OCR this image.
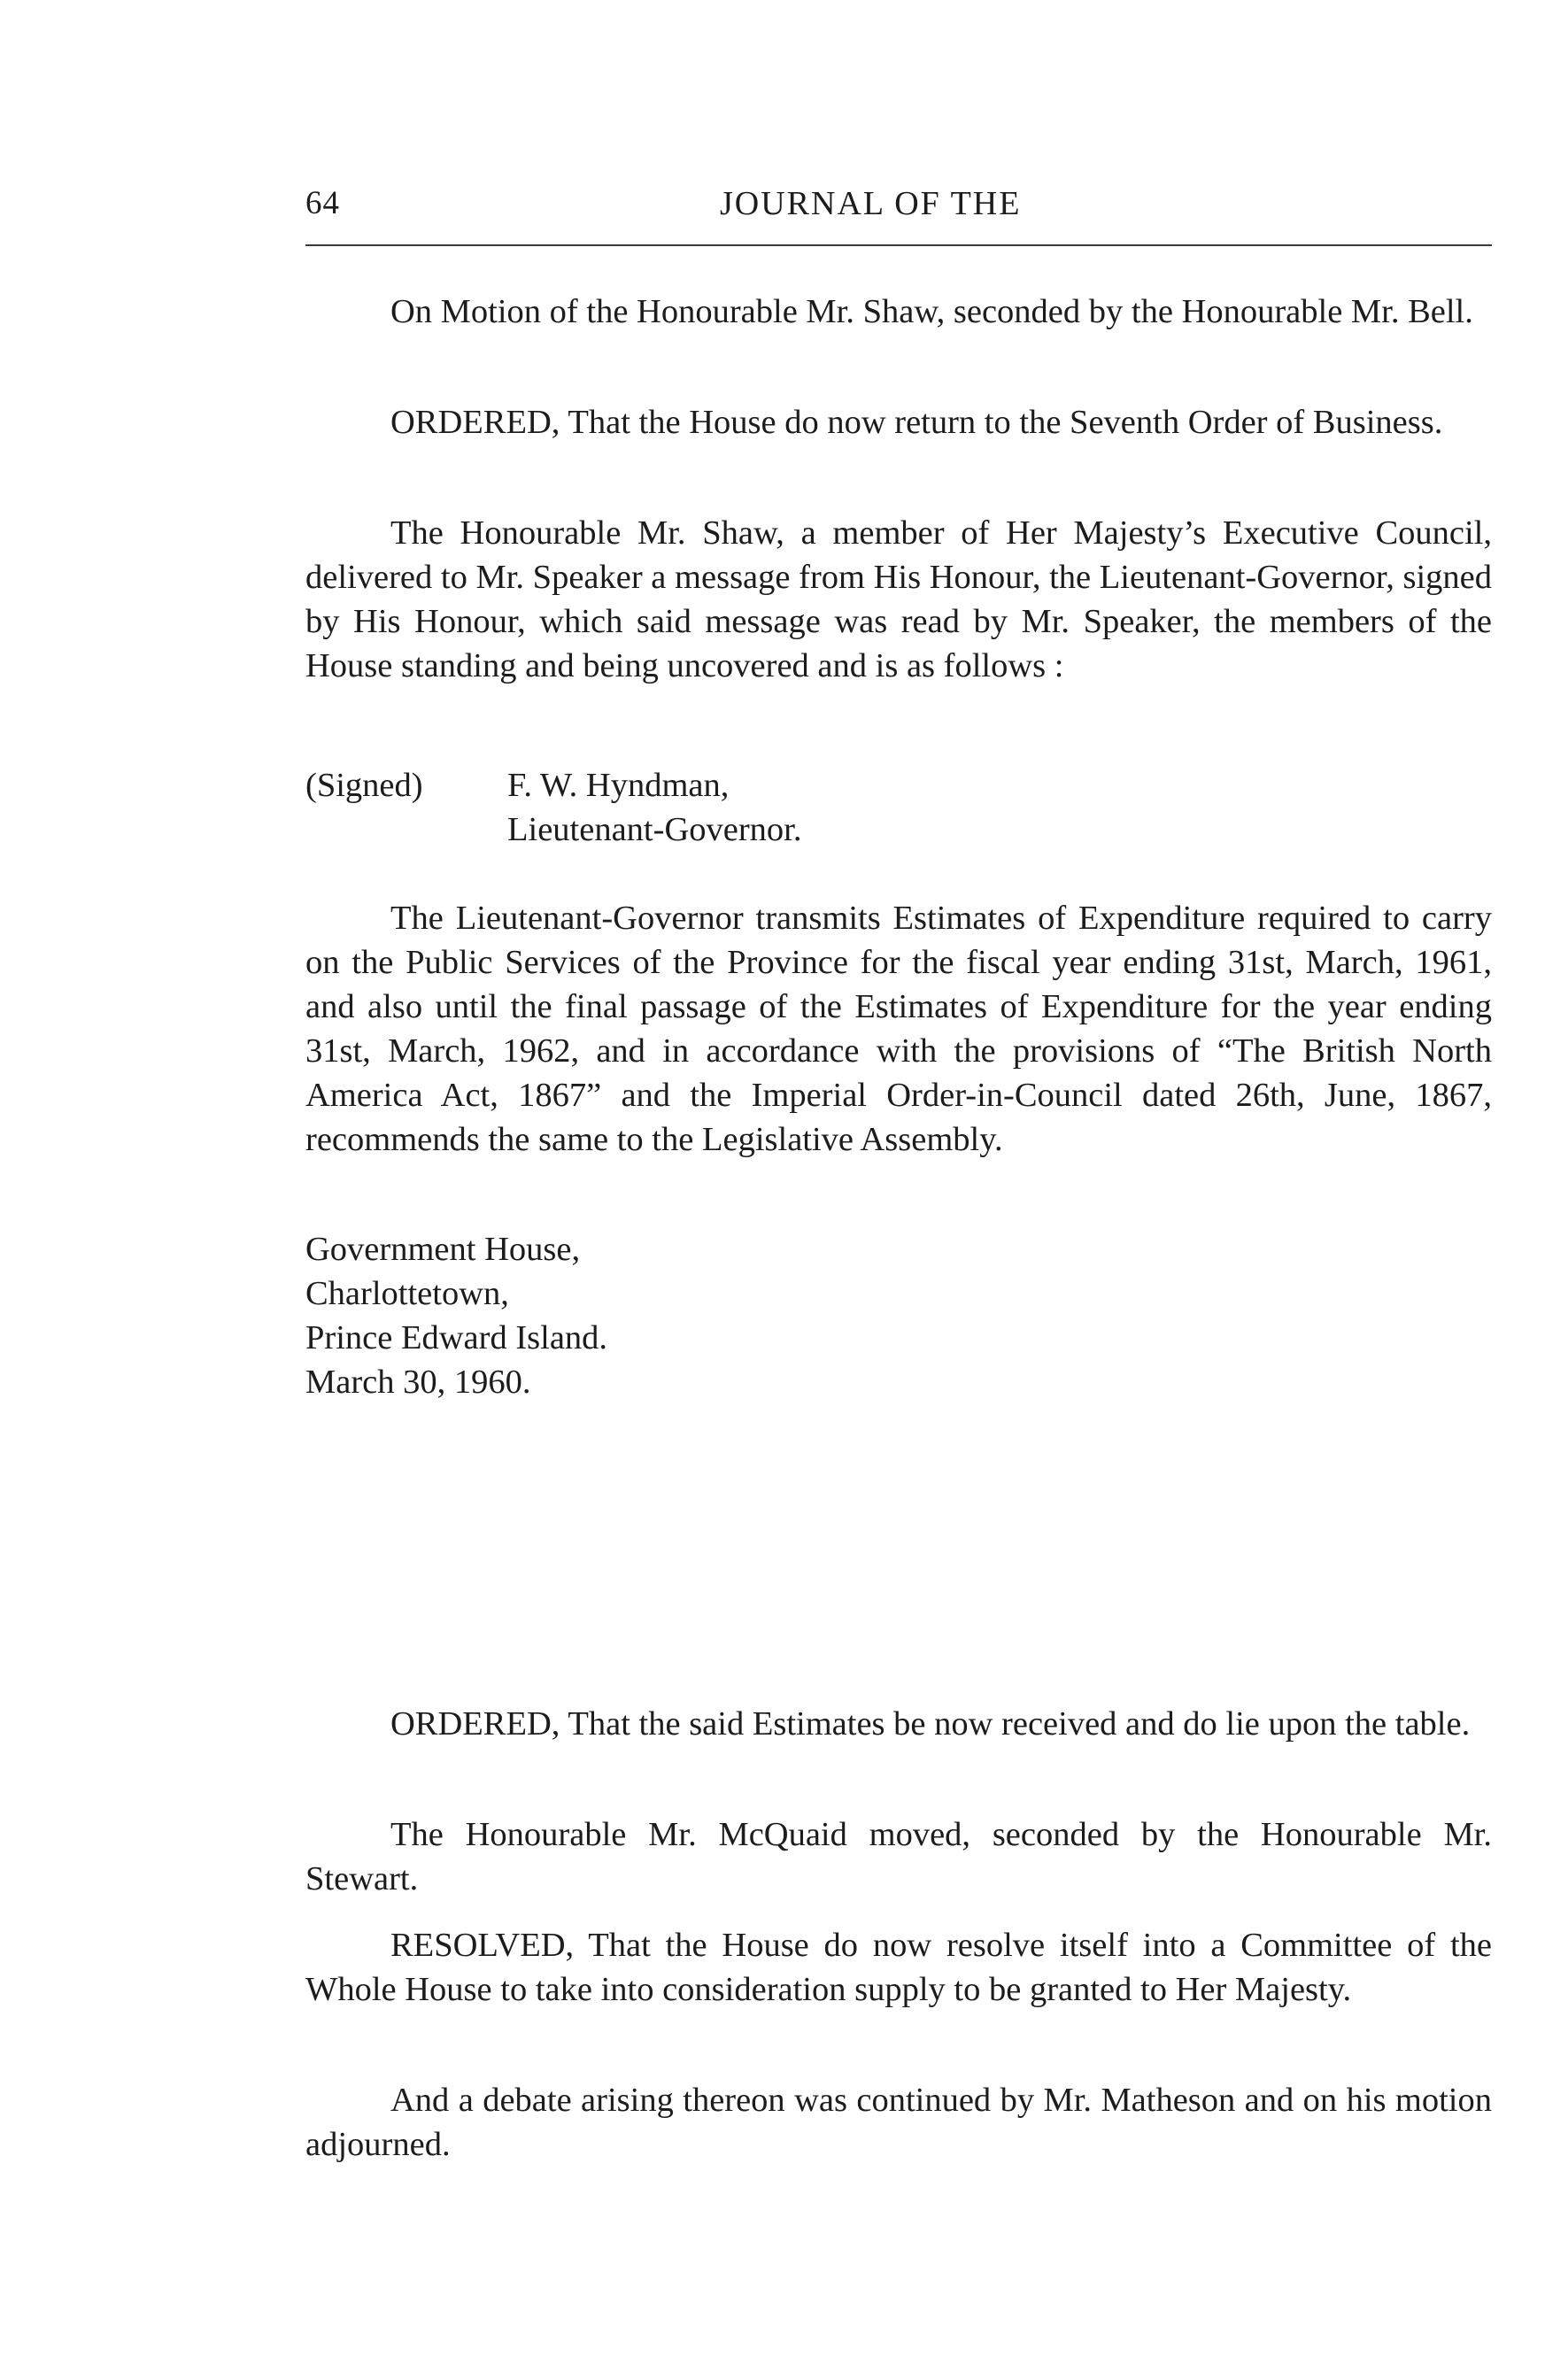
64	JOURNAL OF THE

On Motion of the Honourable Mr. Shaw, seconded by the Honourable Mr. Bell.

ORDERED, That the House do now return to the Seventh Order of Business.

The Honourable Mr. Shaw, a member of Her Majesty’s Executive Council, delivered to Mr. Speaker a message from His Honour, the Lieutenant-Governor, signed by His Honour, which said message was read by Mr. Speaker, the members of the House standing and being uncovered and is as follows :

(Signed) F. W. Hyndman,
Lieutenant-Governor.

The Lieutenant-Governor transmits Estimates of Expenditure required to carry on the Public Services of the Province for the fiscal year ending 31st, March, 1961, and also until the final passage of the Estimates of Expenditure for the year ending 31st, March, 1962, and in accordance with the provisions of “The British North America Act, 1867” and the Imperial Order-in-Council dated 26th, June, 1867, recommends the same to the Legislative Assembly.

Government House,
Charlottetown,
Prince Edward Island.
March 30, 1960.

ORDERED, That the said Estimates be now received and do lie upon the table.

The Honourable Mr. McQuaid moved, seconded by the Honourable Mr. Stewart.

RESOLVED, That the House do now resolve itself into a Committee of the Whole House to take into consideration supply to be granted to Her Majesty.

And a debate arising thereon was continued by Mr. Matheson and on his motion adjourned.
